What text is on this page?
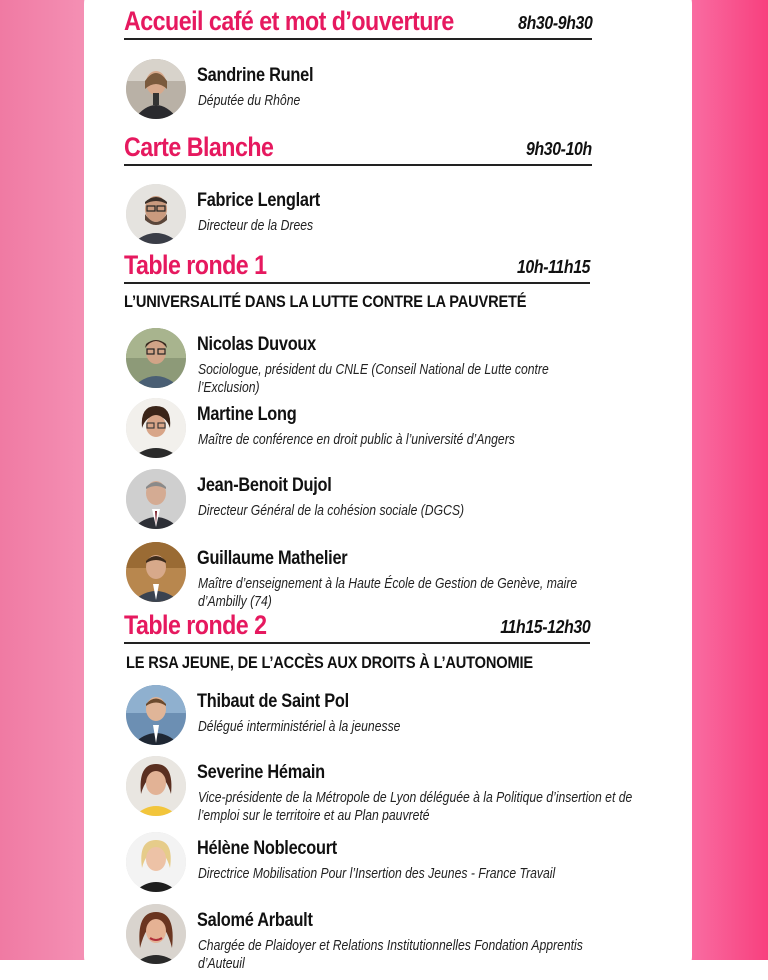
Accueil café et mot d’ouverture	8h30-9h30
Sandrine Runel
Députée du Rhône
Carte Blanche	9h30-10h
Fabrice Lenglart
Directeur de la Drees
Table ronde 1	10h-11h15
L’UNIVERSALITÉ DANS LA LUTTE CONTRE LA PAUVRETÉ
Nicolas Duvoux
Sociologue, président du CNLE (Conseil National de Lutte contre l’Exclusion)
Martine Long
Maître de conférence en droit public à l’université d’Angers
Jean-Benoit Dujol
Directeur Général de la cohésion sociale (DGCS)
Guillaume Mathelier
Maître d’enseignement à la Haute École de Gestion de Genève, maire d’Ambilly (74)
Table ronde 2	11h15-12h30
LE RSA JEUNE, DE L’ACCÈS AUX DROITS À L’AUTONOMIE
Thibaut de Saint Pol
Délégué interministériel à la jeunesse
Severine Hémain
Vice-présidente de la Métropole de Lyon déléguée à la Politique d’insertion et de l’emploi sur le territoire et au Plan pauvreté
Hélène Noblecourt
Directrice Mobilisation Pour l’Insertion des Jeunes - France Travail
Salomé Arbault
Chargée de Plaidoyer et Relations Institutionnelles Fondation Apprentis d’Auteuil
